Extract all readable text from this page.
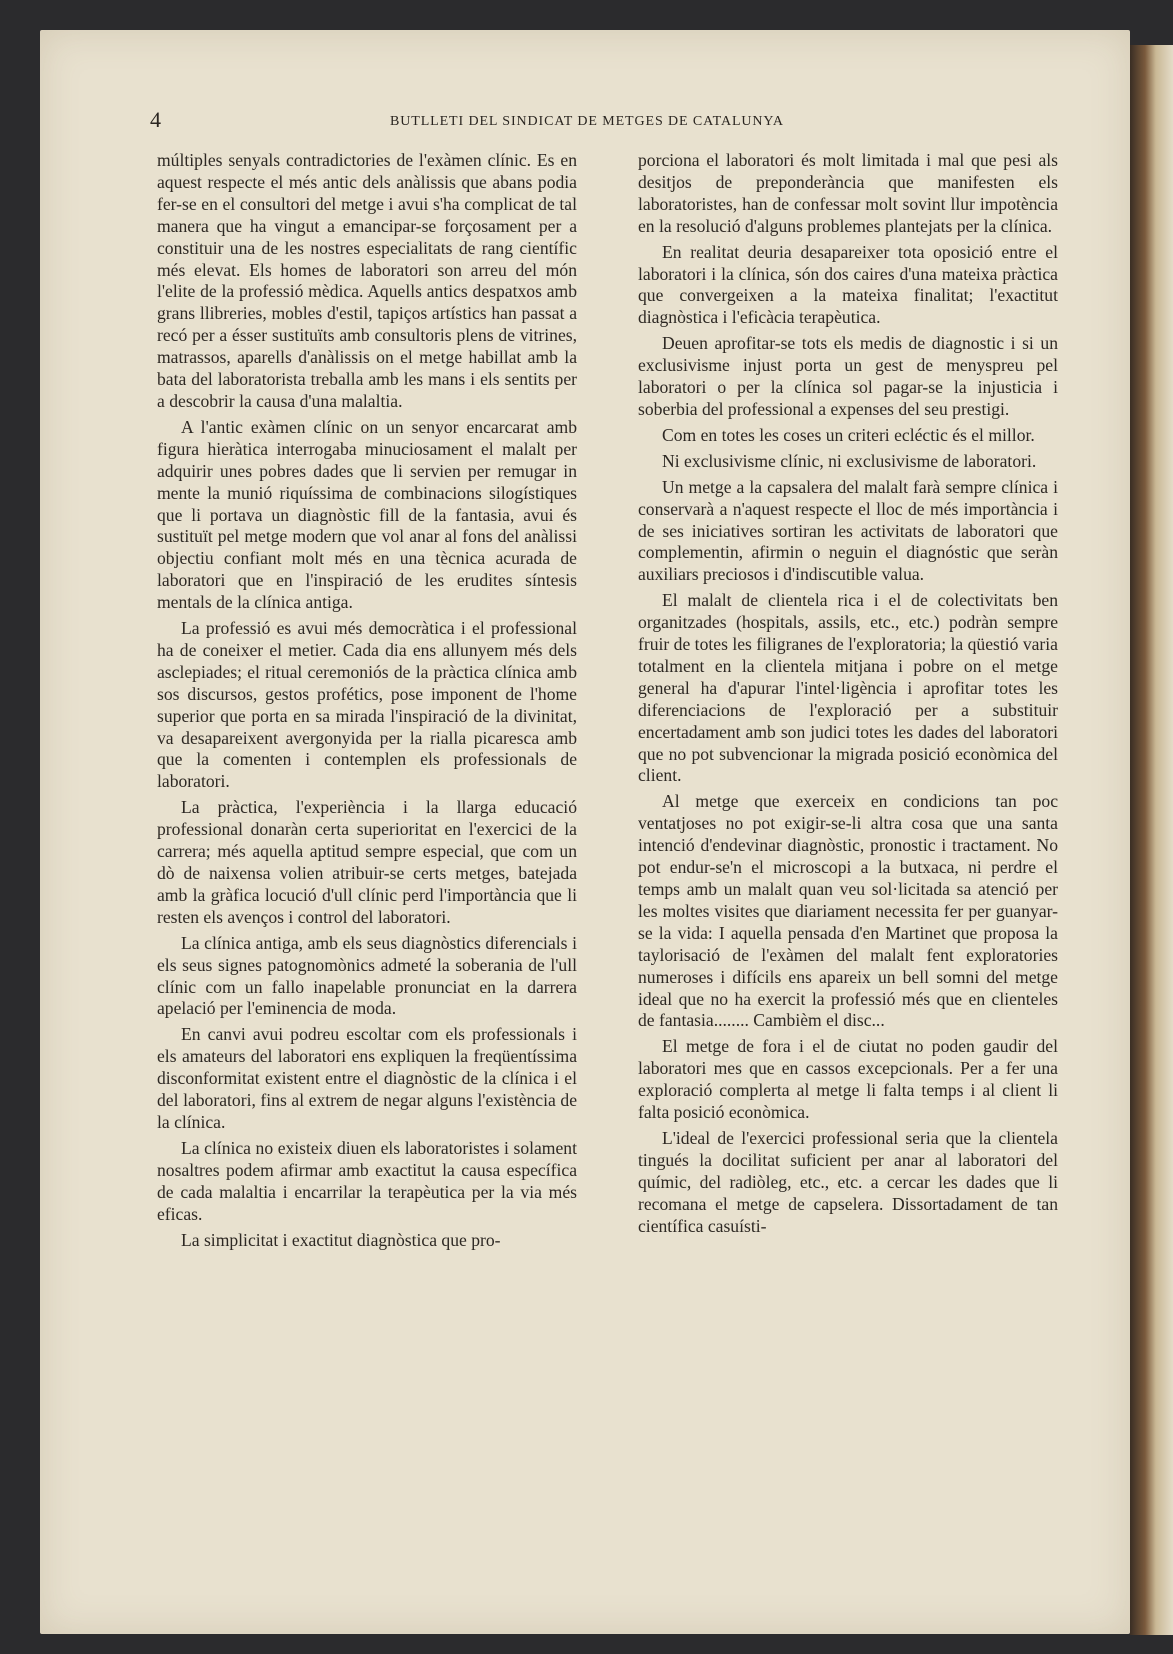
4	BUTLLETI DEL SINDICAT DE METGES DE CATALUNYA

múltiples senyals contradictories de l'exàmen clínic. Es en aquest respecte el més antic dels anàlissis que abans podia fer-se en el consultori del metge i avui s'ha complicat de tal manera que ha vingut a emancipar-se forçosament per a constituir una de les nostres especialitats de rang científic més elevat. Els homes de laboratori son arreu del món l'elite de la professió mèdica. Aquells antics despatxos amb grans llibreries, mobles d'estil, tapiços artístics han passat a recó per a ésser sustituïts amb consultoris plens de vitrines, matrassos, aparells d'anàlissis on el metge habillat amb la bata del laboratorista treballa amb les mans i els sentits per a descobrir la causa d'una malaltia.

A l'antic exàmen clínic on un senyor encarcarat amb figura hieràtica interrogaba minuciosament el malalt per adquirir unes pobres dades que li servien per remugar in mente la munió riquíssima de combinacions silogístiques que li portava un diagnòstic fill de la fantasia, avui és sustituït pel metge modern que vol anar al fons del anàlissi objectiu confiant molt més en una tècnica acurada de laboratori que en l'inspiració de les erudites síntesis mentals de la clínica antiga.

La professió es avui més democràtica i el professional ha de coneixer el metier. Cada dia ens allunyem més dels asclepiades; el ritual ceremoniós de la pràctica clínica amb sos discursos, gestos profétics, pose imponent de l'home superior que porta en sa mirada l'inspiració de la divinitat, va desapareixent avergonyida per la rialla picaresca amb que la comenten i contemplen els professionals de laboratori.

La pràctica, l'experiència i la llarga educació professional donaràn certa superioritat en l'exercici de la carrera; més aquella aptitud sempre especial, que com un dò de naixensa volien atribuir-se certs metges, batejada amb la gràfica locució d'ull clínic perd l'importància que li resten els avenços i control del laboratori.

La clínica antiga, amb els seus diagnòstics diferencials i els seus signes patognomònics admeté la soberania de l'ull clínic com un fallo inapelable pronunciat en la darrera apelació per l'eminencia de moda.

En canvi avui podreu escoltar com els professionals i els amateurs del laboratori ens expliquen la freqüentíssima disconformitat existent entre el diagnòstic de la clínica i el del laboratori, fins al extrem de negar alguns l'existència de la clínica.

La clínica no existeix diuen els laboratoristes i solament nosaltres podem afirmar amb exactitut la causa específica de cada malaltia i encarrilar la terapèutica per la via més eficas.

La simplicitat i exactitut diagnòstica que pro-

porciona el laboratori és molt limitada i mal que pesi als desitjos de preponderància que manifesten els laboratoristes, han de confessar molt sovint llur impotència en la resolució d'alguns problemes plantejats per la clínica.

En realitat deuria desapareixer tota oposició entre el laboratori i la clínica, són dos caires d'una mateixa pràctica que convergeixen a la mateixa finalitat; l'exactitut diagnòstica i l'eficàcia terapèutica.

Deuen aprofitar-se tots els medis de diagnostic i si un exclusivisme injust porta un gest de menyspreu pel laboratori o per la clínica sol pagar-se la injusticia i soberbia del professional a expenses del seu prestigi.

Com en totes les coses un criteri ecléctic és el millor.

Ni exclusivisme clínic, ni exclusivisme de laboratori.

Un metge a la capsalera del malalt farà sempre clínica i conservarà a n'aquest respecte el lloc de més importància i de ses iniciatives sortiran les activitats de laboratori que complementin, afirmin o neguin el diagnóstic que seràn auxiliars preciosos i d'indiscutible valua.

El malalt de clientela rica i el de colectivitats ben organitzades (hospitals, assils, etc., etc.) podràn sempre fruir de totes les filigranes de l'exploratoria; la qüestió varia totalment en la clientela mitjana i pobre on el metge general ha d'apurar l'intel·ligència i aprofitar totes les diferenciacions de l'exploració per a substituir encertadament amb son judici totes les dades del laboratori que no pot subvencionar la migrada posició econòmica del client.

Al metge que exerceix en condicions tan poc ventatjoses no pot exigir-se-li altra cosa que una santa intenció d'endevinar diagnòstic, pronostic i tractament. No pot endur-se'n el microscopi a la butxaca, ni perdre el temps amb un malalt quan veu sol·licitada sa atenció per les moltes visites que diariament necessita fer per guanyar-se la vida: I aquella pensada d'en Martinet que proposa la taylorisació de l'exàmen del malalt fent exploratories numeroses i difícils ens apareix un bell somni del metge ideal que no ha exercit la professió més que en clienteles de fantasia........ Cambièm el disc...

El metge de fora i el de ciutat no poden gaudir del laboratori mes que en cassos excepcionals. Per a fer una exploració complerta al metge li falta temps i al client li falta posició econòmica.

L'ideal de l'exercici professional seria que la clientela tingués la docilitat suficient per anar al laboratori del químic, del radiòleg, etc., etc. a cercar les dades que li recomana el metge de capselera. Dissortadament de tan científica casuísti-
